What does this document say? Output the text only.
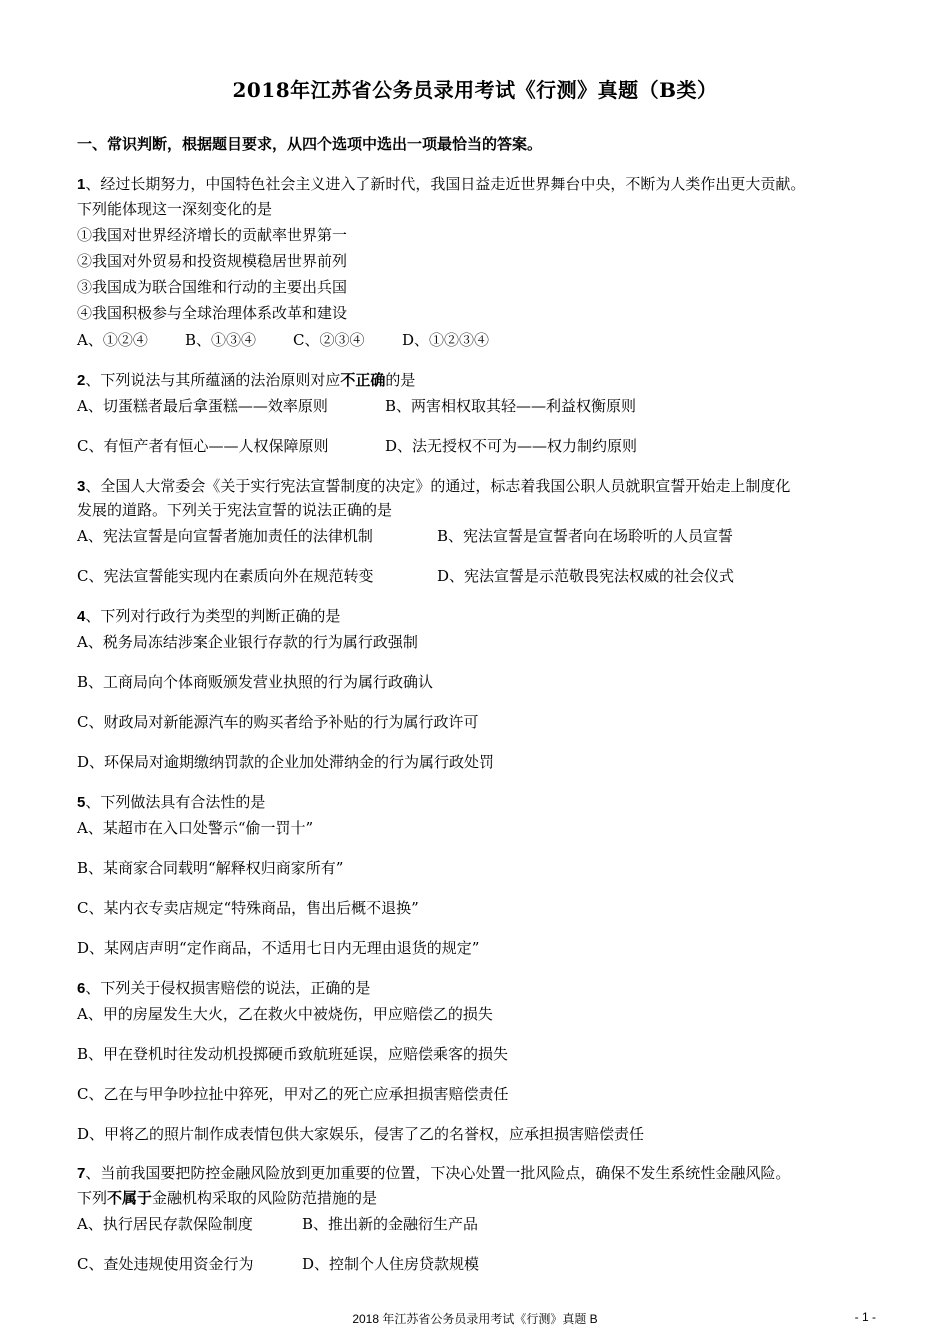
2018年江苏省公务员录用考试《行测》真题（B类）
一、常识判断，根据题目要求，从四个选项中选出一项最恰当的答案。
1、经过长期努力，中国特色社会主义进入了新时代，我国日益走近世界舞台中央，不断为人类作出更大贡献。
下列能体现这一深刻变化的是
①我国对世界经济增长的贡献率世界第一
②我国对外贸易和投资规模稳居世界前列
③我国成为联合国维和行动的主要出兵国
④我国积极参与全球治理体系改革和建设
A、①②④ B、①③④ C、②③④	D、①②③④
2、下列说法与其所蕴涵的法治原则对应不正确的是
A、切蛋糕者最后拿蛋糕——效率原则	B、两害相权取其轻——利益权衡原则
C、有恒产者有恒心——人权保障原则	D、法无授权不可为——权力制约原则
3、全国人大常委会《关于实行宪法宣誓制度的决定》的通过，标志着我国公职人员就职宣誓开始走上制度化
发展的道路。下列关于宪法宣誓的说法正确的是
A、宪法宣誓是向宣誓者施加责任的法律机制	B、宪法宣誓是宣誓者向在场聆听的人员宣誓
C、宪法宣誓能实现内在素质向外在规范转变	D、宪法宣誓是示范敬畏宪法权威的社会仪式
4、下列对行政行为类型的判断正确的是
A、税务局冻结涉案企业银行存款的行为属行政强制
B、工商局向个体商贩颁发营业执照的行为属行政确认
C、财政局对新能源汽车的购买者给予补贴的行为属行政许可
D、环保局对逾期缴纳罚款的企业加处滞纳金的行为属行政处罚
5、下列做法具有合法性的是
A、某超市在入口处警示“偷一罚十”
B、某商家合同载明“解释权归商家所有”
C、某内衣专卖店规定“特殊商品，售出后概不退换”
D、某网店声明“定作商品，不适用七日内无理由退货的规定”
6、下列关于侵权损害赔偿的说法，正确的是
A、甲的房屋发生大火，乙在救火中被烧伤，甲应赔偿乙的损失
B、甲在登机时往发动机投掷硬币致航班延误，应赔偿乘客的损失
C、乙在与甲争吵拉扯中猝死，甲对乙的死亡应承担损害赔偿责任
D、甲将乙的照片制作成表情包供大家娱乐，侵害了乙的名誉权，应承担损害赔偿责任
7、当前我国要把防控金融风险放到更加重要的位置，下决心处置一批风险点，确保不发生系统性金融风险。
下列不属于金融机构采取的风险防范措施的是
A、执行居民存款保险制度	B、推出新的金融衍生产品
C、查处违规使用资金行为	D、控制个人住房贷款规模
2018 年江苏省公务员录用考试《行测》真题 B	- 1 -
